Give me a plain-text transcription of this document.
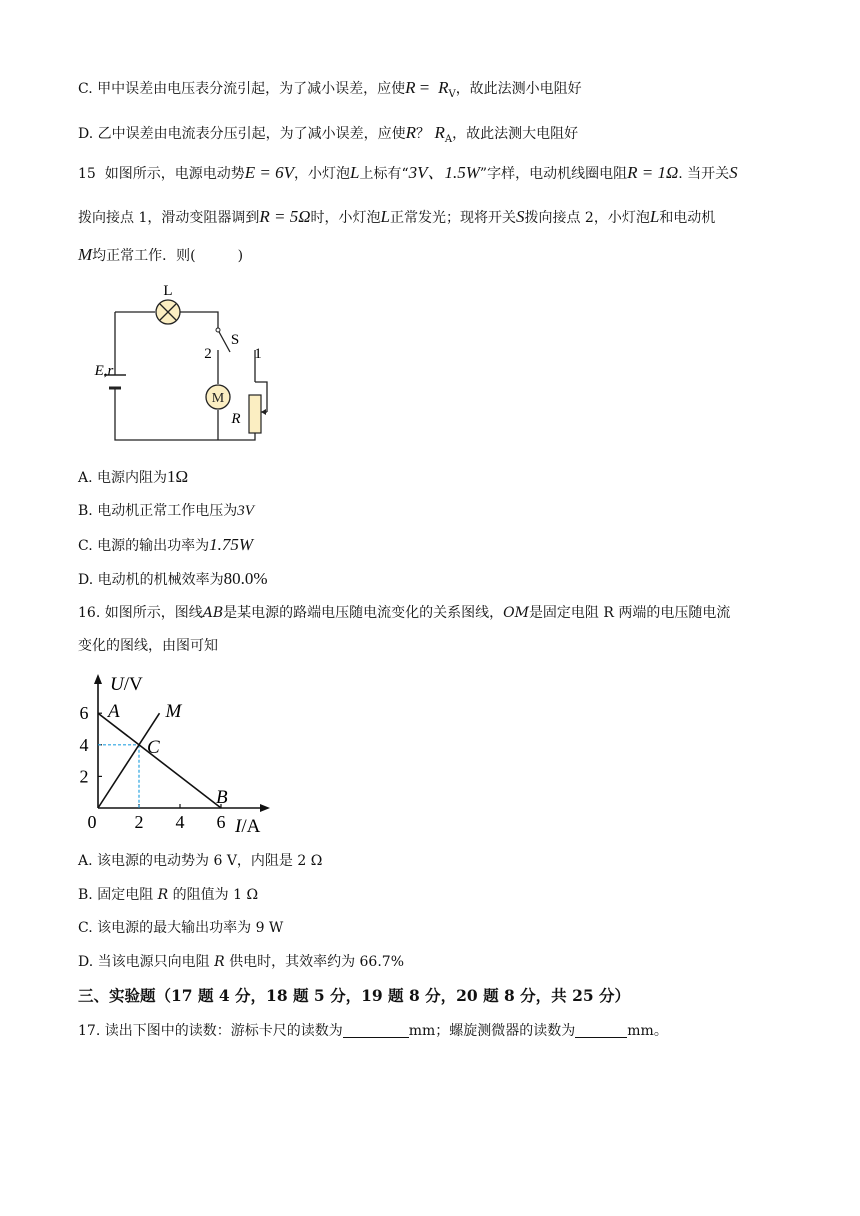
C. 甲中误差由电压表分流引起，为了减小误差，应使$R = R_V$，故此法测小电阻好
D. 乙中误差由电流表分压引起，为了减小误差，应使R？ $R_A$，故此法测大电阻好
15 如图所示，电源电动势E = 6V，小灯泡L上标有“3V、1.5W”字样，电动机线圈电阻R = 1Ω. 当开关S
拨向接点 1，滑动变阻器调到R = 5Ω时，小灯泡L正常发光；现将开关S拨向接点 2，小灯泡L和电动机
M均正常工作．则(　　　)
M
L
S
2	1
E,r
R
A. 电源内阻为1Ω
B. 电动机正常工作电压为3V
C. 电源的输出功率为1.75W
D. 电动机的机械效率为80.0%
16. 如图所示，图线AB是某电源的路端电压随电流变化的关系图线，OM是固定电阻 R 两端的电压随电流
变化的图线，由图可知
I/A
U/V
0 2 4 6
2
4
6 A
B
C
M
A. 该电源的电动势为 6 V，内阻是 2 Ω
B. 固定电阻 R 的阻值为 1 Ω
C. 该电源的最大输出功率为 9 W
D. 当该电源只向电阻 R 供电时，其效率约为 66.7%
三、实验题（17 题 4 分，18 题 5 分，19 题 8 分，20 题 8 分，共 25 分）
17. 读出下图中的读数：游标卡尺的读数为	mm；螺旋测微器的读数为	mm。
